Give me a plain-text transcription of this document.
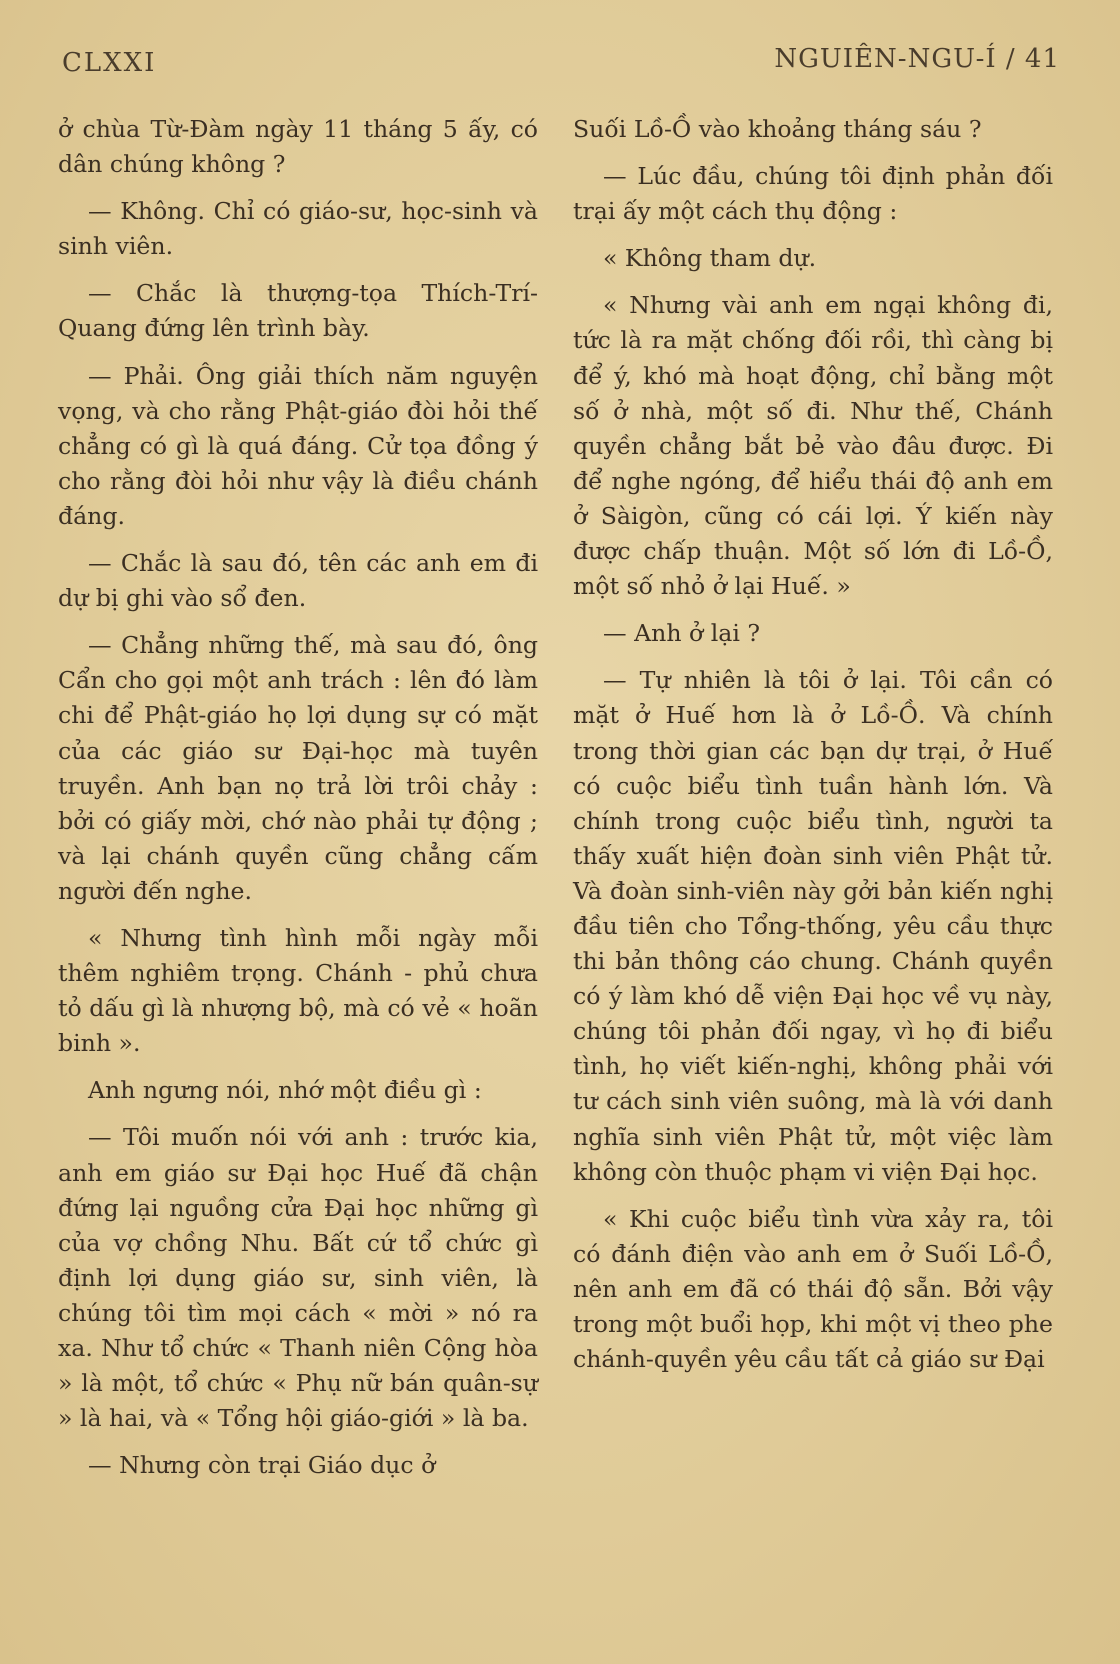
CLXXI	NGUIÊN-NGU-Í / 41

ở chùa Từ-Đàm ngày 11 tháng 5 ấy, có dân chúng không ?

— Không. Chỉ có giáo-sư, học-sinh và sinh viên.

— Chắc là thượng-tọa Thích-Trí-Quang đứng lên trình bày.

— Phải. Ông giải thích năm nguyện vọng, và cho rằng Phật-giáo đòi hỏi thế chẳng có gì là quá đáng. Cử tọa đồng ý cho rằng đòi hỏi như vậy là điều chánh đáng.

— Chắc là sau đó, tên các anh em đi dự bị ghi vào sổ đen.

— Chẳng những thế, mà sau đó, ông Cẩn cho gọi một anh trách : lên đó làm chi để Phật-giáo họ lợi dụng sự có mặt của các giáo sư Đại-học mà tuyên truyền. Anh bạn nọ trả lời trôi chảy : bởi có giấy mời, chớ nào phải tự động ; và lại chánh quyền cũng chẳng cấm người đến nghe.

« Nhưng tình hình mỗi ngày mỗi thêm nghiêm trọng. Chánh - phủ chưa tỏ dấu gì là nhượng bộ, mà có vẻ « hoãn binh ».

Anh ngưng nói, nhớ một điều gì :

— Tôi muốn nói với anh : trước kia, anh em giáo sư Đại học Huế đã chận đứng lại nguồng cửa Đại học những gì của vợ chồng Nhu. Bất cứ tổ chức gì định lợi dụng giáo sư, sinh viên, là chúng tôi tìm mọi cách « mời » nó ra xa. Như tổ chức « Thanh niên Cộng hòa » là một, tổ chức « Phụ nữ bán quân-sự » là hai, và « Tổng hội giáo-giới » là ba.

— Nhưng còn trại Giáo dục ở

Suối Lồ-Ồ vào khoảng tháng sáu ?

— Lúc đầu, chúng tôi định phản đối trại ấy một cách thụ động :

« Không tham dự.

« Nhưng vài anh em ngại không đi, tức là ra mặt chống đối rồi, thì càng bị để ý, khó mà hoạt động, chỉ bằng một số ở nhà, một số đi. Như thế, Chánh quyền chẳng bắt bẻ vào đâu được. Đi để nghe ngóng, để hiểu thái độ anh em ở Sàigòn, cũng có cái lợi. Ý kiến này được chấp thuận. Một số lớn đi Lồ-Ồ, một số nhỏ ở lại Huế. »

— Anh ở lại ?

— Tự nhiên là tôi ở lại. Tôi cần có mặt ở Huế hơn là ở Lồ-Ồ. Và chính trong thời gian các bạn dự trại, ở Huế có cuộc biểu tình tuần hành lớn. Và chính trong cuộc biểu tình, người ta thấy xuất hiện đoàn sinh viên Phật tử. Và đoàn sinh-viên này gởi bản kiến nghị đầu tiên cho Tổng-thống, yêu cầu thực thi bản thông cáo chung. Chánh quyền có ý làm khó dễ viện Đại học về vụ này, chúng tôi phản đối ngay, vì họ đi biểu tình, họ viết kiến-nghị, không phải với tư cách sinh viên suông, mà là với danh nghĩa sinh viên Phật tử, một việc làm không còn thuộc phạm vi viện Đại học.

« Khi cuộc biểu tình vừa xảy ra, tôi có đánh điện vào anh em ở Suối Lồ-Ồ, nên anh em đã có thái độ sẵn. Bởi vậy trong một buổi họp, khi một vị theo phe chánh-quyền yêu cầu tất cả giáo sư Đại
